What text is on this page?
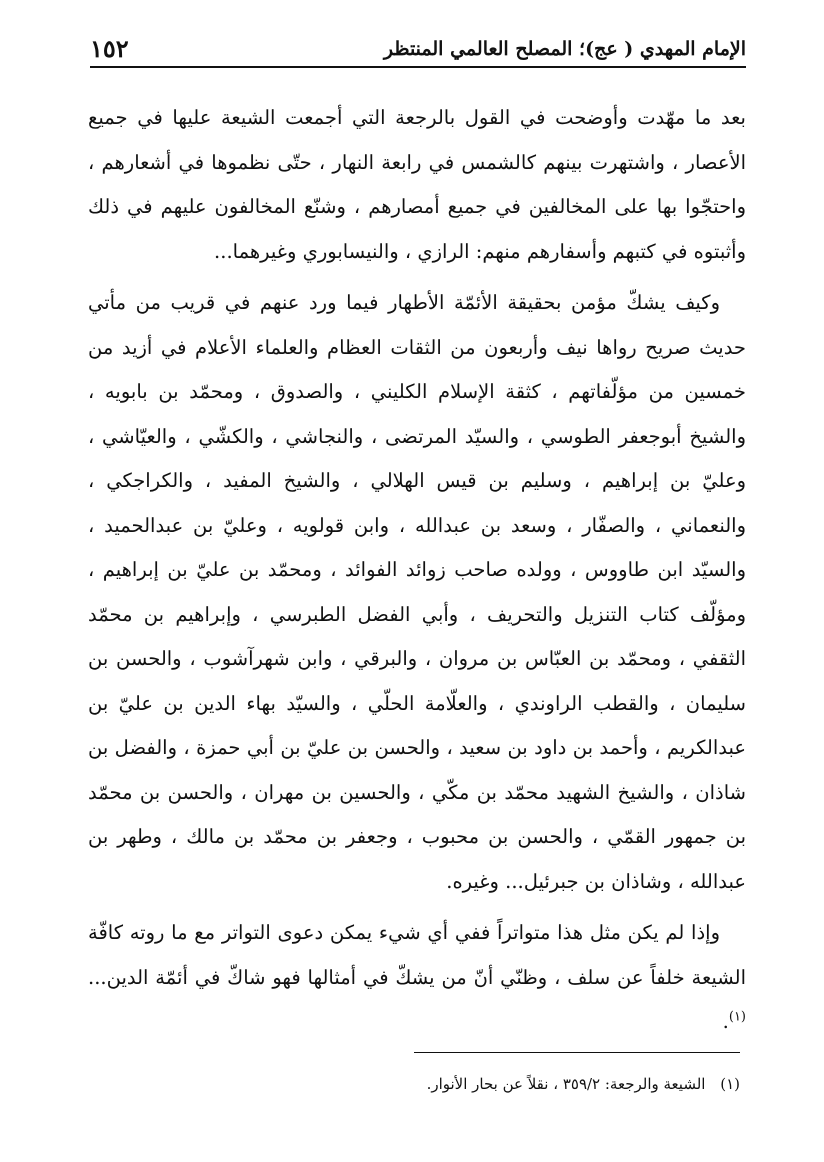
الإمام المهدي ( عج)؛ المصلح العالمي المنتظر
١٥٢

بعد ما مهّدت وأوضحت في القول بالرجعة التي أجمعت الشيعة عليها في جميع الأعصار ، واشتهرت بينهم كالشمس في رابعة النهار ، حتّى نظموها في أشعارهم ، واحتجّوا بها على المخالفين في جميع أمصارهم ، وشنّع المخالفون عليهم في ذلك وأثبتوه في كتبهم وأسفارهم منهم: الرازي ، والنيسابوري وغيرهما...

وكيف يشكّ مؤمن بحقيقة الأئمّة الأطهار فيما ورد عنهم في قريب من مأتي حديث صريح رواها نيف وأربعون من الثقات العظام والعلماء الأعلام في أزيد من خمسين من مؤلّفاتهم ، كثقة الإسلام الكليني ، والصدوق ، ومحمّد بن بابويه ، والشيخ أبوجعفر الطوسي ، والسيّد المرتضى ، والنجاشي ، والكشّي ، والعيّاشي ، وعليّ بن إبراهيم ، وسليم بن قيس الهلالي ، والشيخ المفيد ، والكراجكي ، والنعماني ، والصفّار ، وسعد بن عبدالله ، وابن قولويه ، وعليّ بن عبدالحميد ، والسيّد ابن طاووس ، وولده صاحب زوائد الفوائد ، ومحمّد بن عليّ بن إبراهيم ، ومؤلّف كتاب التنزيل والتحريف ، وأبي الفضل الطبرسي ، وإبراهيم بن محمّد الثقفي ، ومحمّد بن العبّاس بن مروان ، والبرقي ، وابن شهرآشوب ، والحسن بن سليمان ، والقطب الراوندي ، والعلّامة الحلّي ، والسيّد بهاء الدين بن عليّ بن عبدالكريم ، وأحمد بن داود بن سعيد ، والحسن بن عليّ بن أبي حمزة ، والفضل بن شاذان ، والشيخ الشهيد محمّد بن مكّي ، والحسين بن مهران ، والحسن بن محمّد بن جمهور القمّي ، والحسن بن محبوب ، وجعفر بن محمّد بن مالك ، وطهر بن عبدالله ، وشاذان بن جبرئيل... وغيره.

وإذا لم يكن مثل هذا متواتراً ففي أي شيء يمكن دعوى التواتر مع ما روته كافّة الشيعة خلفاً عن سلف ، وظنّي أنّ من يشكّ في أمثالها فهو شاكّ في أئمّة الدين...$^{(١)}$.

(١) الشيعة والرجعة: ٣٥٩/٢ ، نقلاً عن بحار الأنوار.
